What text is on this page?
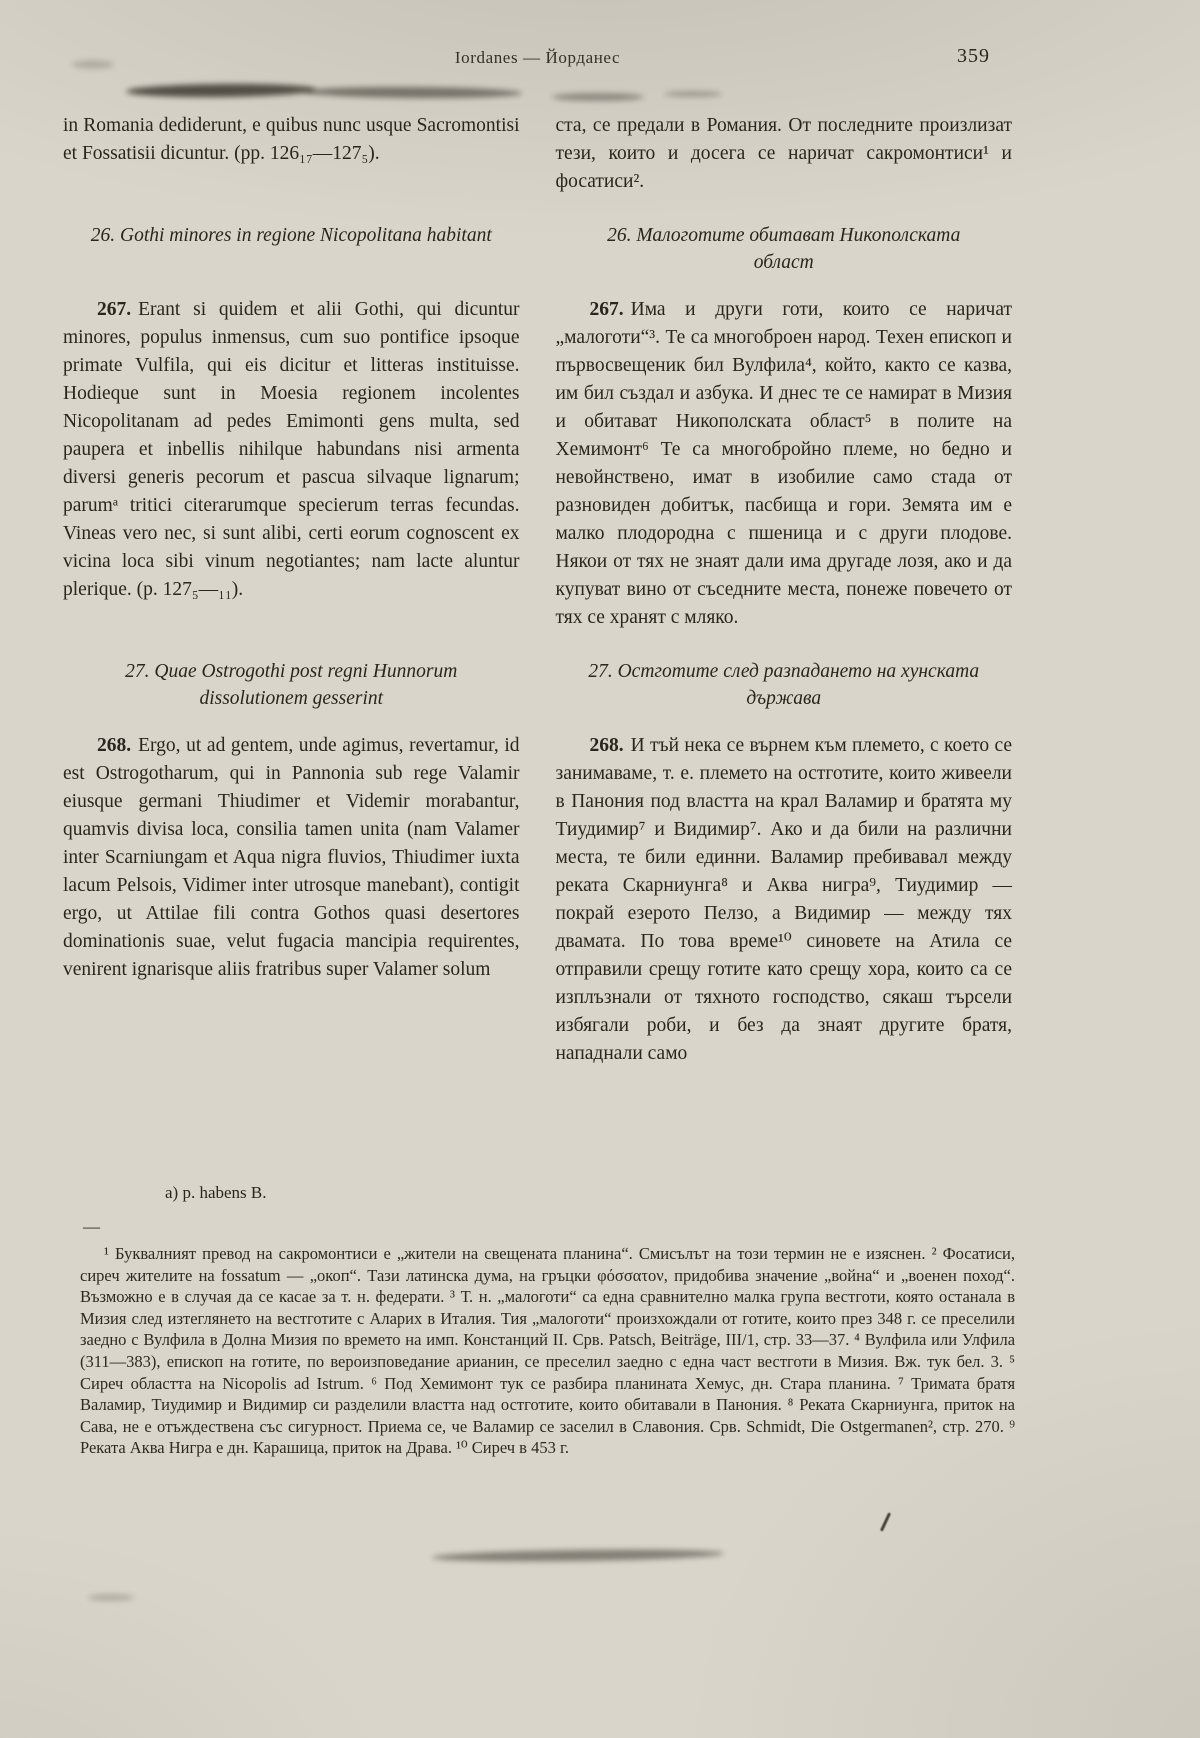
Iordanes — Йорданес	359

in Romania dediderunt, e quibus nunc usque Sacromontisi et Fossatisii dicuntur. (pp. 126₁₇—127₅).

ста, се предали в Романия. От последните произлизат тези, които и досега се наричат сакромонтиси¹ и фосатиси².

26. Gothi minores in regione Nicopolitana habitant	26. Малоготите обитават Никополската област

267. Erant si quidem et alii Gothi, qui dicuntur minores, populus inmensus, cum suo pontifice ipsoque primate Vulfila, qui eis dicitur et litteras instituisse. Hodieque sunt in Moesia regionem incolentes Nicopolitanam ad pedes Emimonti gens multa, sed paupera et inbellis nihilque habundans nisi armenta diversi generis pecorum et pascua silvaque lignarum; parumᵃ tritici citerarumque specierum terras fecundas. Vineas vero nec, si sunt alibi, certi eorum cognoscent ex vicina loca sibi vinum negotiantes; nam lacte aluntur plerique. (p. 127₅—₁₁).

267. Има и други готи, които се наричат „малоготи“³. Те са многоброен народ. Техен епископ и първосвещеник бил Вулфила⁴, който, както се казва, им бил създал и азбука. И днес те се намират в Мизия и обитават Никополската област⁵ в полите на Хемимонт⁶ Те са многобройно племе, но бедно и невойнствено, имат в изобилие само стада от разновиден добитък, пасбища и гори. Земята им е малко плодородна с пшеница и с други плодове. Някои от тях не знаят дали има другаде лозя, ако и да купуват вино от съседните места, понеже повечето от тях се хранят с мляко.

27. Quae Ostrogothi post regni Hunnorum dissolutionem gesserint
27. Остготите след разпадането на хунската държава

268. Ergo, ut ad gentem, unde agimus, revertamur, id est Ostrogotharum, qui in Pannonia sub rege Valamir eiusque germani Thiudimer et Videmir morabantur, quamvis divisa loca, consilia tamen unita (nam Valamer inter Scarniungam et Aqua nigra fluvios, Thiudimer iuxta lacum Pelsois, Vidimer inter utrosque manebant), contigit ergo, ut Attilae fili contra Gothos quasi desertores dominationis suae, velut fugacia mancipia requirentes, venirent ignarisque aliis fratribus super Valamer solum

268. И тъй нека се върнем към племето, с което се занимаваме, т. е. племето на остготите, които живеели в Панония под властта на крал Валамир и братята му Тиудимир⁷ и Видимир⁷. Ако и да били на различни места, те били единни. Валамир пребивавал между реката Скарниунга⁸ и Аква нигра⁹, Тиудимир — покрай езерото Пелзо, а Видимир — между тях двамата. По това време¹⁰ синовете на Атила се отправили срещу готите като срещу хора, които са се изплъзнали от тяхното господство, сякаш търсели избягали роби, и без да знаят другите братя, нападнали само

a) p. habens B.

—

¹ Буквалният превод на сакромонтиси е „жители на свещената планина“. Смисълът на този термин не е изяснен. ² Фосатиси, сиреч жителите на fossatum — „окоп“. Тази латинска дума, на гръцки φόσσατον, придобива значение „война“ и „военен поход“. Възможно е в случая да се касае за т. н. федерати. ³ Т. н. „малоготи“ са една сравнително малка група вестготи, която останала в Мизия след изтеглянето на вестготите с Аларих в Италия. Тия „малоготи“ произхождали от готите, които през 348 г. се преселили заедно с Вулфила в Долна Мизия по времето на имп. Констанций II. Срв. Patsch, Beiträge, III/1, стр. 33—37. ⁴ Вулфила или Улфила (311—383), епископ на готите, по вероизповедание арианин, се преселил заедно с една част вестготи в Мизия. Вж. тук бел. 3. ⁵ Сиреч областта на Nicopolis ad Istrum. ⁶ Под Хемимонт тук се разбира планината Хемус, дн. Стара планина. ⁷ Тримата братя Валамир, Тиудимир и Видимир си разделили властта над остготите, които обитавали в Панония. ⁸ Реката Скарниунга, приток на Сава, не е отъждествена със сигурност. Приема се, че Валамир се заселил в Славония. Срв. Schmidt, Die Ostgermanen², стр. 270. ⁹ Реката Аква Нигра е дн. Карашица, приток на Драва. ¹⁰ Сиреч в 453 г.
